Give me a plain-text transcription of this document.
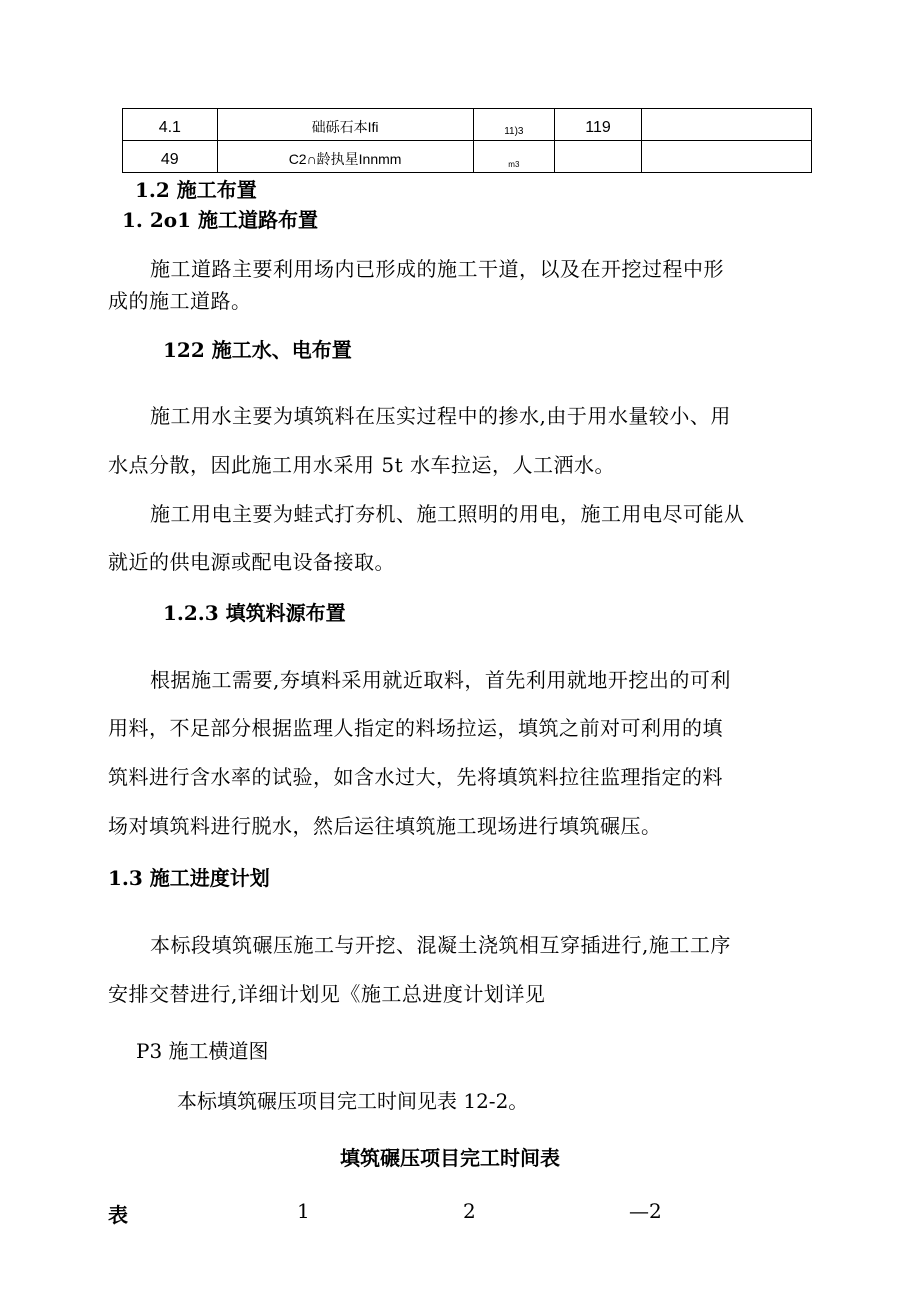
4.1	础砾石本Ifi	11)3	119	
49	C2∩龄执星Innmm	m3		
1.2 施工布置
1. 2o1 施工道路布置
施工道路主要利用场内已形成的施工干道，以及在开挖过程中形
成的施工道路。
122 施工水、电布置
施工用水主要为填筑料在压实过程中的掺水,由于用水量较小、用
水点分散，因此施工用水采用 5t 水车拉运，人工洒水。
施工用电主要为蛙式打夯机、施工照明的用电，施工用电尽可能从
就近的供电源或配电设备接取。
1.2.3 填筑料源布置
根据施工需要,夯填料采用就近取料，首先利用就地开挖出的可利
用料，不足部分根据监理人指定的料场拉运，填筑之前对可利用的填
筑料进行含水率的试验，如含水过大，先将填筑料拉往监理指定的料
场对填筑料进行脱水，然后运往填筑施工现场进行填筑碾压。
1.3 施工进度计划
本标段填筑碾压施工与开挖、混凝土浇筑相互穿插进行,施工工序
安排交替进行,详细计划见《施工总进度计划详见
P3 施工横道图
本标填筑碾压项目完工时间见表 12-2。
填筑碾压项目完工时间表
表	1	2	—2
